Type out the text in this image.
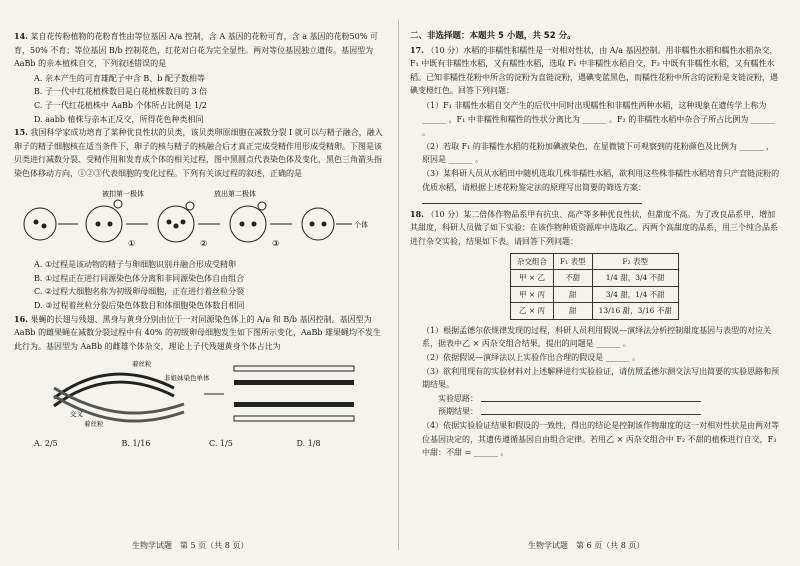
14. 某自花传粉植物的花粉育性由等位基因 A/a 控制，含 A 基因的花粉可育，含 a 基因的花粉50% 可育，50% 不育；等位基因 B/b 控制花色，红花对白花为完全显性。两对等位基因独立遗传。基因型为 AaBb 的亲本植株自交，下列叙述错误的是

A. 亲本产生的可育雄配子中含 B、b 配子数相等
B. 子一代中红花植株数目是白花植株数目的 3 倍
C. 子一代红花植株中 AaBb 个体所占比例是 1/2
D. aabb 植株与亲本正反交，所得花色种类相同

15. 我国科学家成功培育了某种优良性状的贝类，该贝类卵原细胞在减数分裂 I 就可以与精子融合，融入卵子的精子细胞核在适当条件下，卵子的核与精子的核融合后才真正完成受精作用形成受精卵。下图是该贝类进行减数分裂、受精作用和发育成个体的相关过程，图中黑圆点代表染色体及变化，黑色三角箭头指染色体移动方向，①②③代表细胞的变化过程。下列有关该过程的叙述，正确的是

被扣第一极体	放出第二极体
①	②	③
个体
A. ①过程是该动物的精子与卵细胞识别并融合形成受精卵
B. ①过程正在进行同源染色体分离和非同源染色体自由组合
C. ②过程大细胞名称为初级卵母细胞，正在进行着丝粒分裂
D. ③过程着丝粒分裂后染色体数目和体细胞染色体数目相同

16. 果蝇的长翅与残翅、黑身与黄身分别由位于一对同源染色体上的 A/a 和 B/b 基因控制。基因型为 AaBb 的雌果蝇在减数分裂过程中有 40% 的初级卵母细胞发生如下图所示变化，AaBb 雄果蝇均不发生此行为。基因型为 AaBb 的雌雄个体杂交，理论上子代残翅黄身个体占比为

着丝粒
非姐妹染色单体
交叉
着丝粒
A. 2/5	B. 1/16	C. 1/5	D. 1/8
二、非选择题：本题共 5 小题，共 52 分。

17. （10 分）水稻的非糯性和糯性是一对相对性状，由 A/a 基因控制。用非糯性水稻和糯性水稻杂交，F₁ 中既有非糯性水稻，又有糯性水稻，选取 F₁ 中非糯性水稻自交，F₂ 中既有非糯性水稻，又有糯性水稻。已知非糯性花粉中所含的淀粉为直链淀粉，遇碘变蓝黑色，而糯性花粉中所含的淀粉是支链淀粉，遇碘变橙红色。回答下列问题：

（1）F₁ 非糯性水稻自交产生的后代中同时出现糯性和非糯性两种水稻，这种现象在遗传学上称为 ______ 。F₁ 中非糯性和糯性的性状分离比为 ______ 。F₂ 的非糯性水稻中杂合子所占比例为 ______ 。
（2）若取 F₁ 的非糯性水稻的花粉加碘液染色，在显微镜下可观察到的花粉颜色及比例为 ______ ，原因是 ______ 。
（3）某科研人员从水稻田中随机选取几株非糯性水稻，欲利用这些株非糯性水稻培育只产直链淀粉的优质水稻，请根据上述花粉鉴定法的原理写出简要的筛选方案：

18. （10 分）某二倍体作物品系甲有抗虫、高产等多种优良性状，但甜度不高。为了改良品系甲，增加其甜度，科研人员做了如下实验：在该作物种质资源库中选取乙、丙两个高甜度的品系，用三个纯合品系进行杂交实验，结果如下表。请回答下列问题：

杂交组合	F₁ 表型	F₂ 表型
甲 × 乙	不甜	1/4 甜，3/4 不甜
甲 × 丙	甜	3/4 甜，1/4 不甜
乙 × 丙	甜	13/16 甜，3/16 不甜
（1）根据孟德尔依规律发现的过程，科研人员利用假说—演绎法分析控制甜度基因与表型的对应关系，据表中乙 × 丙杂交组合结果，提出的问题是 ______ 。
（2）依据假说—演绎法以上实验作出合理的假设是 ______ 。
（3）欲利用现有的实验材料对上述解释进行实验验证，请仿照孟德尔测交法写出简要的实验思路和预期结果。
实验思路：
预期结果：
（4）依据实验验证结果和假设的一致性，得出的结论是控制该作物甜度的这一对相对性状是由两对等位基因决定的，其遗传遵循基因自由组合定律。若用乙 × 丙杂交组合中 F₂ 不甜的植株进行自交，F₃ 中甜：不甜 = ______ 。
生物学试题　第 5 页（共 8 页）	生物学试题　第 6 页（共 8 页）
